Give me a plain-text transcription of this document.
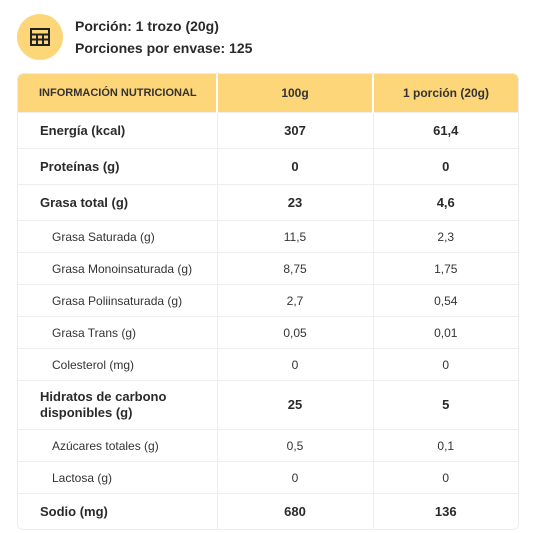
Porción: 1 trozo (20g)
Porciones por envase: 125
INFORMACIÓN NUTRICIONAL	100g	1 porción (20g)
Energía (kcal)	307	61,4
Proteínas (g)	0	0
Grasa total (g)	23	4,6
Grasa Saturada (g)	11,5	2,3
Grasa Monoinsaturada (g)	8,75	1,75
Grasa Poliinsaturada (g)	2,7	0,54
Grasa Trans (g)	0,05	0,01
Colesterol (mg)	0	0
Hidratos de carbono disponibles (g)	25	5
Azúcares totales (g)	0,5	0,1
Lactosa (g)	0	0
Sodio (mg)	680	136
